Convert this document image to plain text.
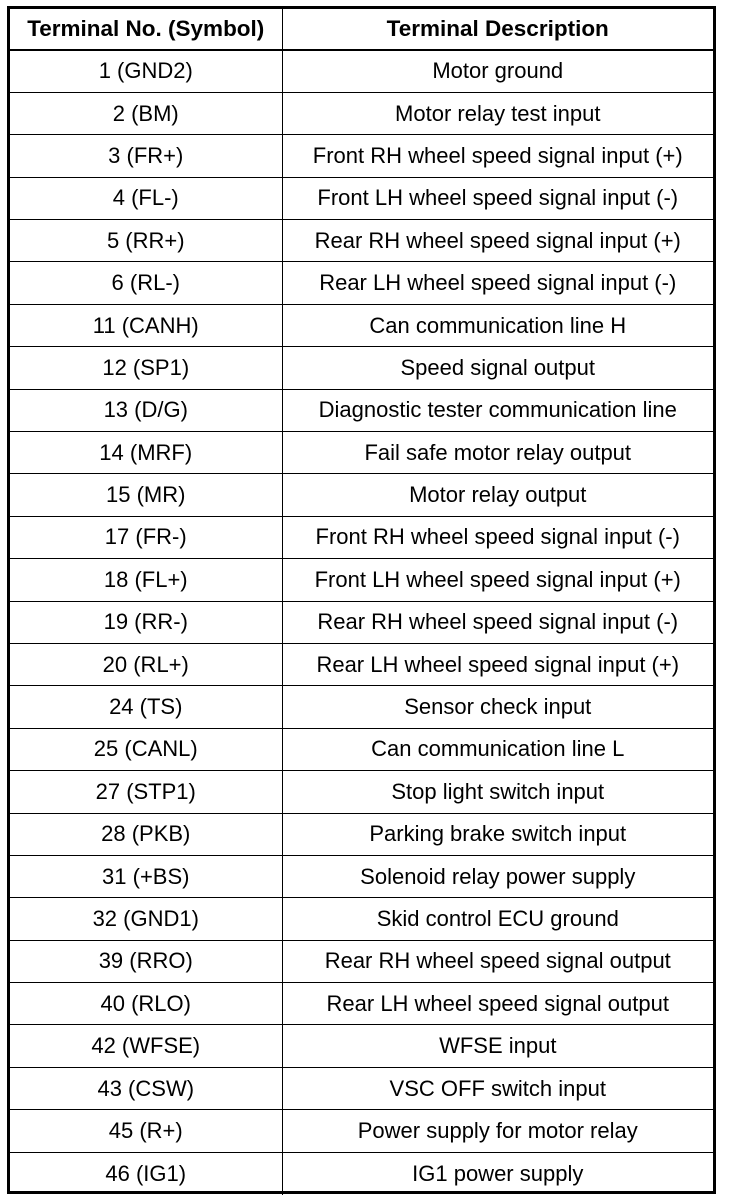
Terminal No. (Symbol)	Terminal Description
1 (GND2)	Motor ground
2 (BM)	Motor relay test input
3 (FR+)	Front RH wheel speed signal input (+)
4 (FL-)	Front LH wheel speed signal input (-)
5 (RR+)	Rear RH wheel speed signal input (+)
6 (RL-)	Rear LH wheel speed signal input (-)
11 (CANH)	Can communication line H
12 (SP1)	Speed signal output
13 (D/G)	Diagnostic tester communication line
14 (MRF)	Fail safe motor relay output
15 (MR)	Motor relay output
17 (FR-)	Front RH wheel speed signal input (-)
18 (FL+)	Front LH wheel speed signal input (+)
19 (RR-)	Rear RH wheel speed signal input (-)
20 (RL+)	Rear LH wheel speed signal input (+)
24 (TS)	Sensor check input
25 (CANL)	Can communication line L
27 (STP1)	Stop light switch input
28 (PKB)	Parking brake switch input
31 (+BS)	Solenoid relay power supply
32 (GND1)	Skid control ECU ground
39 (RRO)	Rear RH wheel speed signal output
40 (RLO)	Rear LH wheel speed signal output
42 (WFSE)	WFSE input
43 (CSW)	VSC OFF switch input
45 (R+)	Power supply for motor relay
46 (IG1)	IG1 power supply
